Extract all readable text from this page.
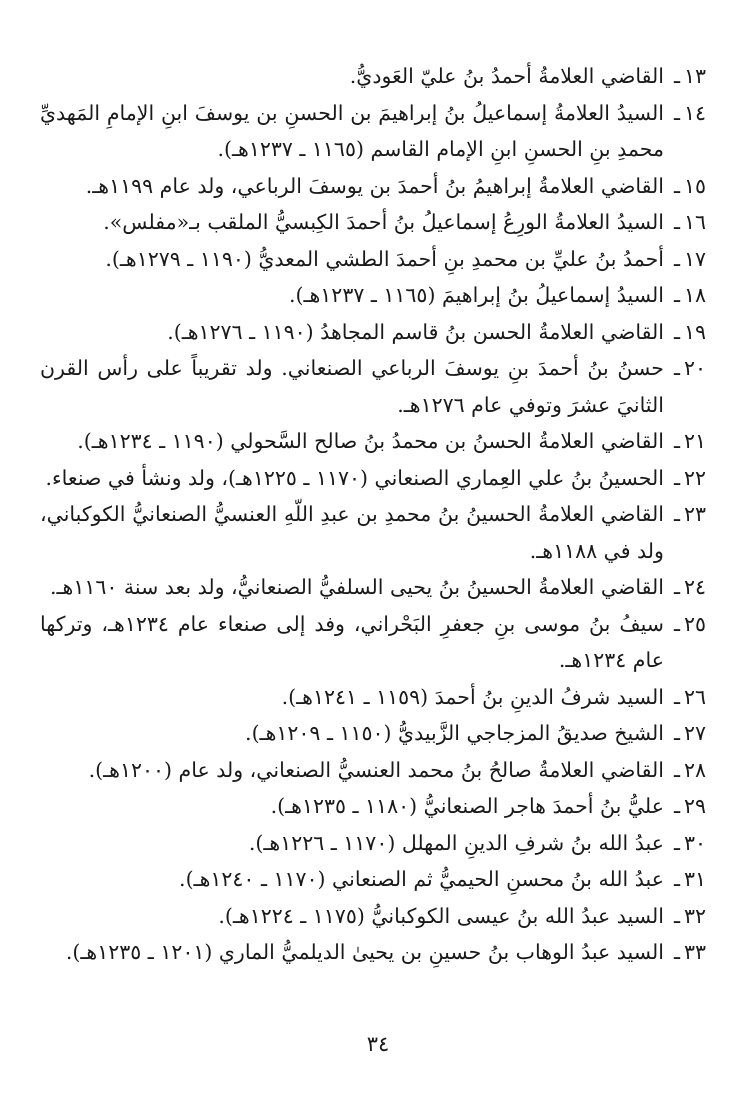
١٣ـ
القاضي العلامةُ أحمدُ بنُ عليّ العَوديُّ.
١٤ـ
السيدُ العلامةُ إسماعيلُ بنُ إبراهيمَ بن الحسنِ بن يوسفَ ابنِ الإمامِ المَهديِّ محمدِ بنِ الحسنِ ابنِ الإمام القاسم (١١٦٥ ـ ١٢٣٧هـ).
١٥ـ
القاضي العلامةُ إبراهيمُ بنُ أحمدَ بن يوسفَ الرباعي، ولد عام ١١٩٩هـ.
١٦ـ
السيدُ العلامةُ الورِعُ إسماعيلُ بنُ أحمدَ الكِبسيُّ الملقب بـ«مفلس».
١٧ـ
أحمدُ بنُ عليِّ بن محمدِ بنِ أحمدَ الطشي المعديُّ (١١٩٠ ـ ١٢٧٩هـ).
١٨ـ
السيدُ إسماعيلُ بنُ إبراهيمَ (١١٦٥ ـ ١٢٣٧هـ).
١٩ـ
القاضي العلامةُ الحسن بنُ قاسم المجاهدُ (١١٩٠ ـ ١٢٧٦هـ).
٢٠ـ
حسنُ بنُ أحمدَ بنِ يوسفَ الرباعي الصنعاني. ولد تقريباً على رأس القرن الثانيَ عشرَ وتوفي عام ١٢٧٦هـ.
٢١ـ
القاضي العلامةُ الحسنُ بن محمدُ بنُ صالح السَّحولي (١١٩٠ ـ ١٢٣٤هـ).
٢٢ـ
الحسينُ بنُ علي العِماري الصنعاني (١١٧٠ ـ ١٢٢٥هـ)، ولد ونشأ في صنعاء.
٢٣ـ
القاضي العلامةُ الحسينُ بنُ محمدِ بن عبدِ اللّهِ العنسيُّ الصنعانيُّ الكوكباني، ولد في ١١٨٨هـ.
٢٤ـ
القاضي العلامةُ الحسينُ بنُ يحيى السلفيُّ الصنعانيُّ، ولد بعد سنة ١١٦٠هـ.
٢٥ـ
سيفُ بنُ موسى بنِ جعفرِ البَحْراني، وفد إلى صنعاء عام ١٢٣٤هـ، وتركها عام ١٢٣٤هـ.
٢٦ـ
السيد شرفُ الدينِ بنُ أحمدَ (١١٥٩ ـ ١٢٤١هـ).
٢٧ـ
الشيخ صديقُ المزجاجي الزَّبيديُّ (١١٥٠ ـ ١٢٠٩هـ).
٢٨ـ
القاضي العلامةُ صالحُ بنُ محمد العنسيُّ الصنعاني، ولد عام (١٢٠٠هـ).
٢٩ـ
عليُّ بنُ أحمدَ هاجر الصنعانيُّ (١١٨٠ ـ ١٢٣٥هـ).
٣٠ـ
عبدُ الله بنُ شرفِ الدينِ المهلل (١١٧٠ ـ ١٢٢٦هـ).
٣١ـ
عبدُ الله بنُ محسنِ الحيميُّ ثم الصنعاني (١١٧٠ ـ ١٢٤٠هـ).
٣٢ـ
السيد عبدُ الله بنُ عيسى الكوكبانيُّ (١١٧٥ ـ ١٢٢٤هـ).
٣٣ـ
السيد عبدُ الوهاب بنُ حسينِ بن يحيىٰ الديلميُّ الماري (١٢٠١ ـ ١٢٣٥هـ).
٣٤
